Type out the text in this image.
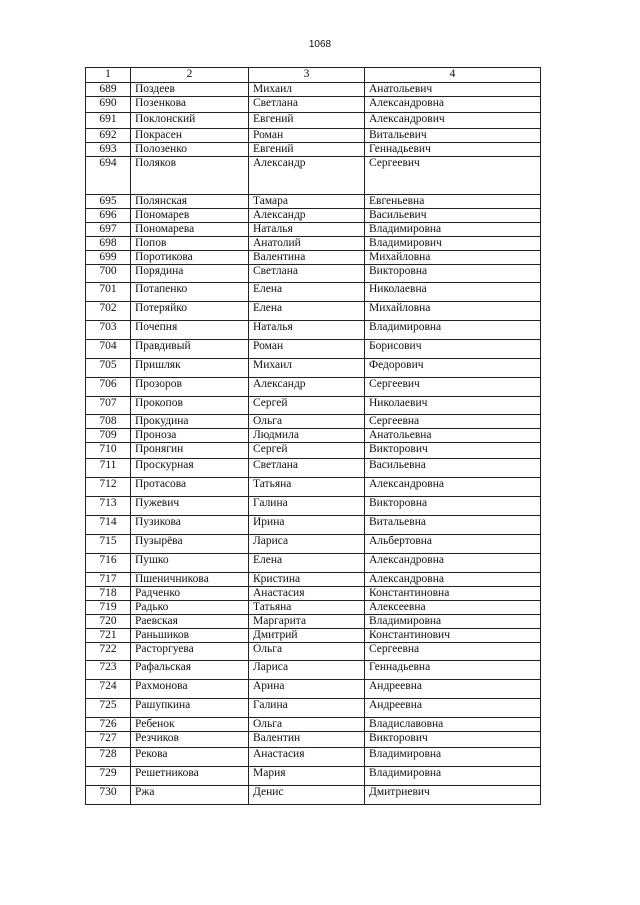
1068
1	2	3	4
689	Поздеев	Михаил	Анатольевич
690	Позенкова	Светлана	Александровна
691	Поклонский	Евгений	Александрович
692	Покрасен	Роман	Витальевич
693	Полозенко	Евгений	Геннадьевич
694	Поляков	Александр	Сергеевич
695	Полянская	Тамара	Евгеньевна
696	Пономарев	Александр	Васильевич
697	Пономарева	Наталья	Владимировна
698	Попов	Анатолий	Владимирович
699	Поротикова	Валентина	Михайловна
700	Порядина	Светлана	Викторовна
701	Потапенко	Елена	Николаевна
702	Потеряйко	Елена	Михайловна
703	Почепня	Наталья	Владимировна
704	Правдивый	Роман	Борисович
705	Пришляк	Михаил	Федорович
706	Прозоров	Александр	Сергеевич
707	Прокопов	Сергей	Николаевич
708	Прокудина	Ольга	Сергеевна
709	Проноза	Людмила	Анатольевна
710	Пронягин	Сергей	Викторович
711	Проскурная	Светлана	Васильевна
712	Протасова	Татьяна	Александровна
713	Пужевич	Галина	Викторовна
714	Пузикова	Ирина	Витальевна
715	Пузырёва	Лариса	Альбертовна
716	Пушко	Елена	Александровна
717	Пшеничникова	Кристина	Александровна
718	Радченко	Анастасия	Константиновна
719	Радько	Татьяна	Алексеевна
720	Раевская	Маргарита	Владимировна
721	Раньшиков	Дмитрий	Константинович
722	Расторгуева	Ольга	Сергеевна
723	Рафальская	Лариса	Геннадьевна
724	Рахмонова	Арина	Андреевна
725	Рашупкина	Галина	Андреевна
726	Ребенок	Ольга	Владиславовна
727	Резчиков	Валентин	Викторович
728	Рекова	Анастасия	Владимировна
729	Решетникова	Мария	Владимировна
730	Ржа	Денис	Дмитриевич
